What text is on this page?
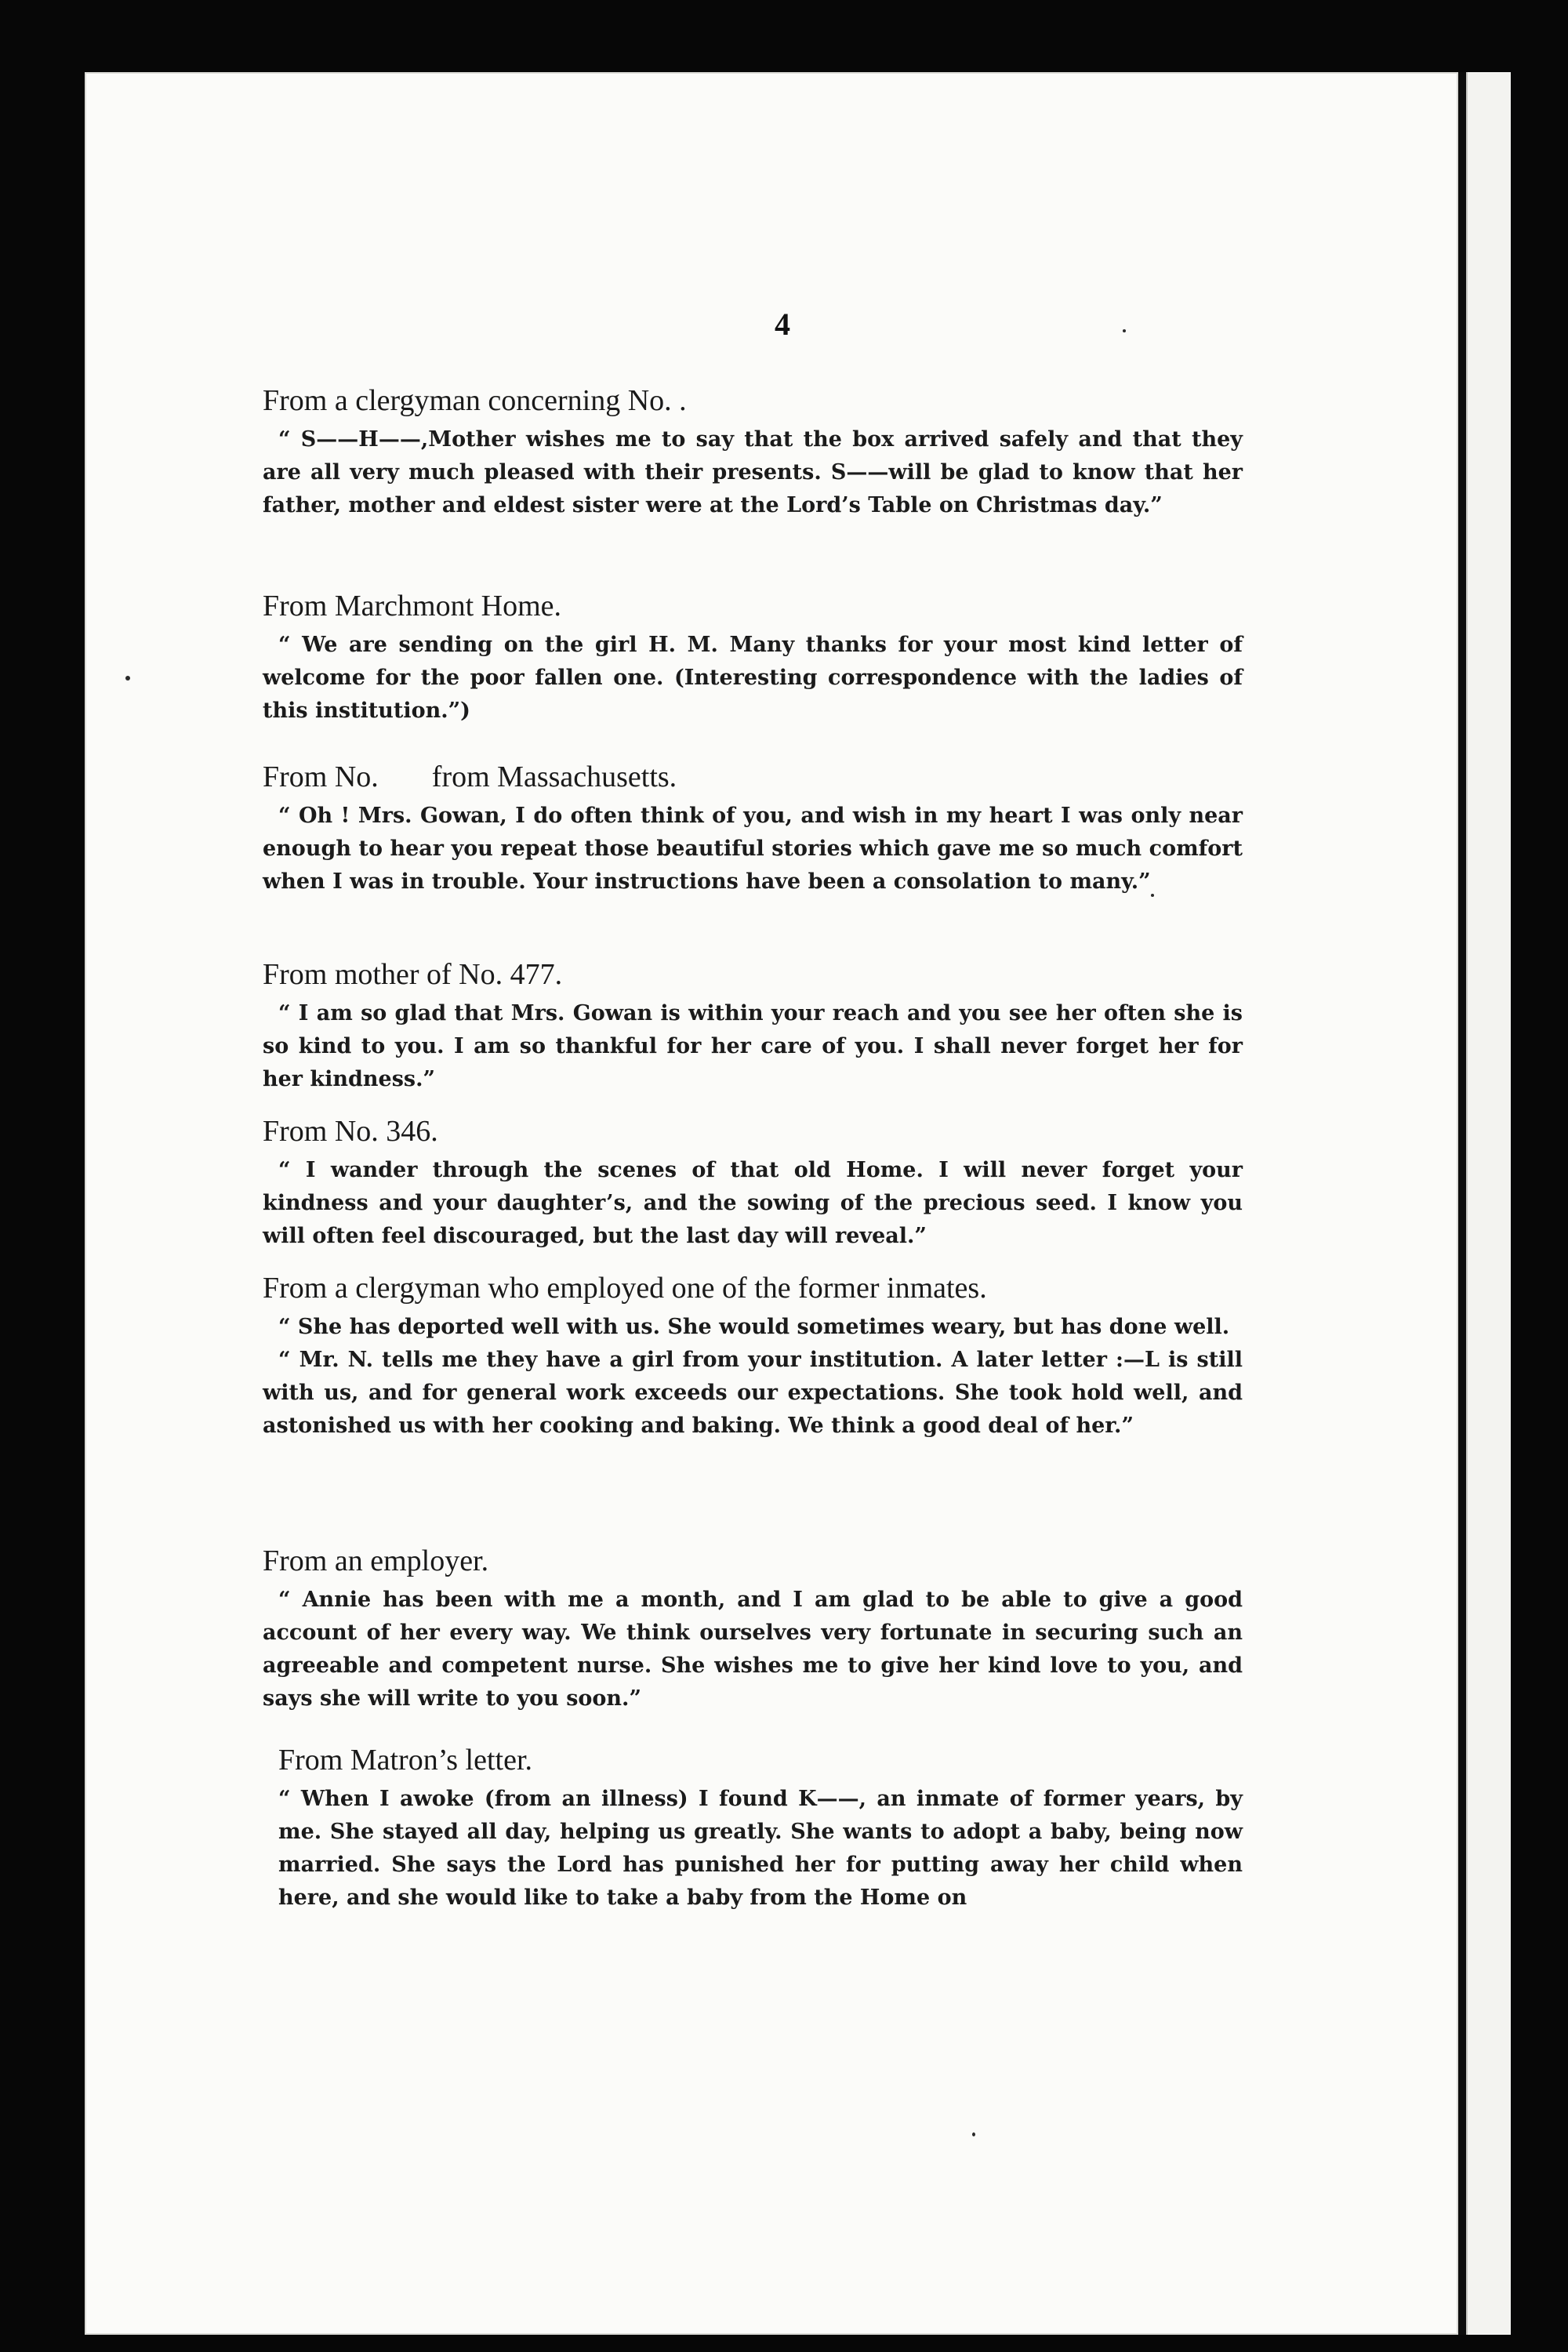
4
From a clergyman concerning No. .

“ S——H——,Mother wishes me to say that the box arrived safely and that they are all very much pleased with their presents. S——will be glad to know that her father, mother and eldest sister were at the Lord’s Table on Christmas day.”

From Marchmont Home.

“ We are sending on the girl H. M. Many thanks for your most kind letter of welcome for the poor fallen one. (Interesting correspondence with the ladies of this institution.”)

From No. from Massachusetts.

“ Oh ! Mrs. Gowan, I do often think of you, and wish in my heart I was only near enough to hear you repeat those beautiful stories which gave me so much comfort when I was in trouble. Your instructions have been a consolation to many.”

From mother of No. 477.

“ I am so glad that Mrs. Gowan is within your reach and you see her often she is so kind to you. I am so thankful for her care of you. I shall never forget her for her kindness.”

From No. 346.

“ I wander through the scenes of that old Home. I will never forget your kindness and your daughter’s, and the sowing of the precious seed. I know you will often feel discouraged, but the last day will reveal.”

From a clergyman who employed one of the former inmates.

“ She has deported well with us. She would sometimes weary, but has done well.

“ Mr. N. tells me they have a girl from your institution. A later letter :—L is still with us, and for general work exceeds our expectations. She took hold well, and astonished us with her cooking and baking. We think a good deal of her.”

From an employer.

“ Annie has been with me a month, and I am glad to be able to give a good account of her every way. We think ourselves very fortunate in securing such an agreeable and competent nurse. She wishes me to give her kind love to you, and says she will write to you soon.”

From Matron’s letter.

“ When I awoke (from an illness) I found K——, an inmate of former years, by me. She stayed all day, helping us greatly. She wants to adopt a baby, being now married. She says the Lord has punished her for putting away her child when here, and she would like to take a baby from the Home on
